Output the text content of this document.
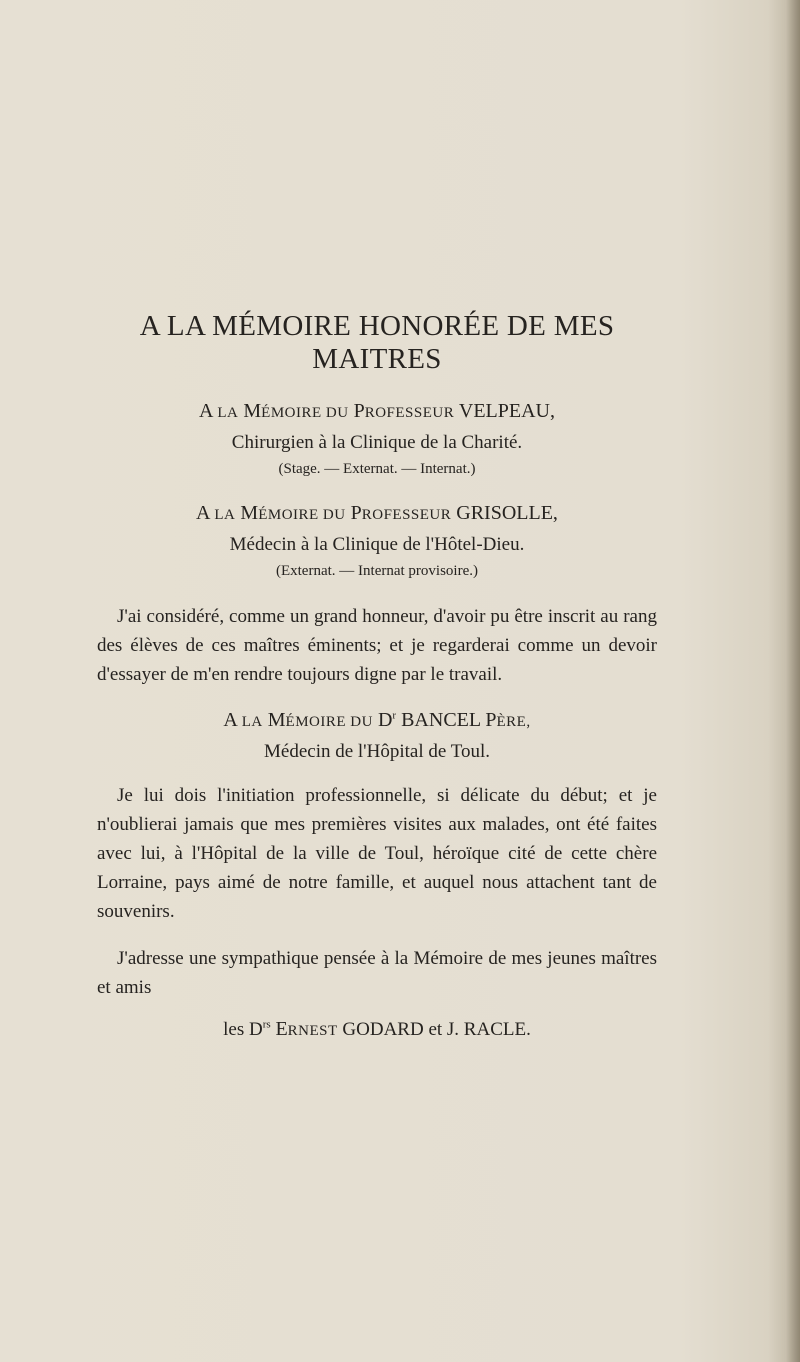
A LA MÉMOIRE HONORÉE DE MES MAITRES

A LA MÉMOIRE DU PROFESSEUR VELPEAU,

Chirurgien à la Clinique de la Charité.

(Stage. — Externat. — Internat.)

A LA MÉMOIRE DU PROFESSEUR GRISOLLE,

Médecin à la Clinique de l'Hôtel-Dieu.

(Externat. — Internat provisoire.)

J'ai considéré, comme un grand honneur, d'avoir pu être inscrit au rang des élèves de ces maîtres éminents; et je regarderai comme un devoir d'essayer de m'en rendre toujours digne par le travail.

A LA MÉMOIRE DU $D^r$ BANCEL PÈRE,

Médecin de l'Hôpital de Toul.

Je lui dois l'initiation professionnelle, si délicate du début; et je n'oublierai jamais que mes premières visites aux malades, ont été faites avec lui, à l'Hôpital de la ville de Toul, héroïque cité de cette chère Lorraine, pays aimé de notre famille, et auquel nous attachent tant de souvenirs.

J'adresse une sympathique pensée à la Mémoire de mes jeunes maîtres et amis

les $D^{rs}$ ERNEST GODARD et J. RACLE.
